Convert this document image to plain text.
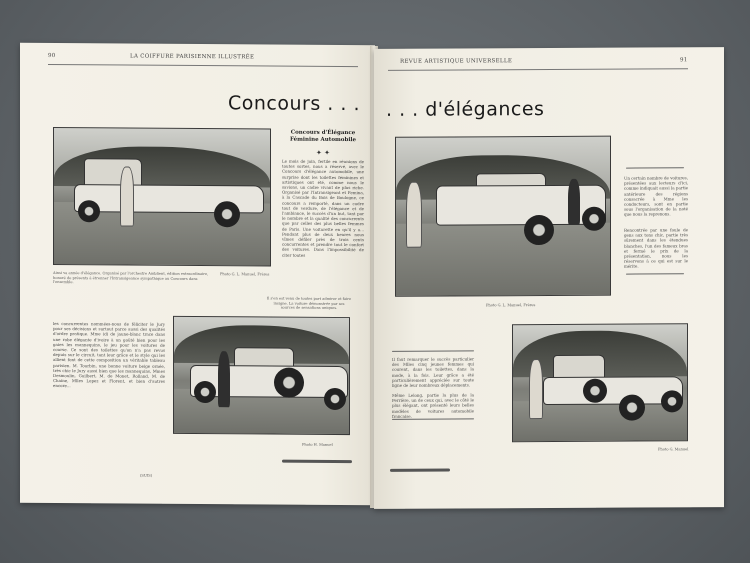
90	LA COIFFURE PARISIENNE ILLUSTRÉE
Concours . . .
Ainsi va année d'élégance. Organisé par l'orchestre Amblient, édition extraordinaire, honoré de présents à étrenner l'Intransigeance sympathique au Concours dans l'ensemble.
Photo G. L. Manuel, Frères
Concours d'Élégance Féminine Automobile
✦ ✦
Le mois de juin, fertile en réunions de toutes sortes, nous a réservé, avec le Concours d'élégance automobile, une surprise dont les toilettes féminines et artistiques ont été, comme nous le savions, un cadre vivant de plus riche. Organisé par l'Intransigeant et Femina, à la Cascade du Bois de Boulogne, ce concours a remporté, dans un cadre tout de verdure, de l'élégance et de l'ambiance, le succès d'un but, tant par le nombre et la qualité des concurrents que par celles des plus belles femmes de Paris. Une voiturette en qu'il y a... Pendant plus de deux heures nous vîmes défiler près de trois cents concurrentes et prendre tout le confort des voitures. Dans l'impossibilité de citer toutes
Il s'en est venu de toutes part admirer et faire insigne. La voiture démonstrée par ses sources de sensations uniques.
les concurrentes nommées-nous de féliciter le Jury pour ses décisions et surtout parce aussi des qualités d'ordre pratique. Mme (d) de jaune-blanc trace dans une robe élégante d'ivoire à un goûté bien pour les gaies les mannequins, le jeu pour les voitures de course. Ce sont des toilettes qu'on n'a pas revus depuis sur le circuit, tant leur grâce et le style qui les allient font de cette composition un véritable tableau parisien. M. Tourbin, une bonne voiture beige ornée, très chic le Jury aussi bien que les mannequins, Mmes Desmoulin, Guilbert, M. de Monet, Rolland, M. de Chaine, Mlles Lopez et Florent, et bien d'autres encore...
(SUIS)
Photo H. Manuel
REVUE ARTISTIQUE UNIVERSELLE	91
. . . d'élégances
Photo G. L. Manuel, Frères
Un certain nombre de voitures, présentées aux lecteurs d'ici, comme indiquait aussi la partie antérieure des régions consacrée à Mme les conducteurs, sont en partie sous l'organisation de la noté que nous la reprenons.
Rencontrée par une foule de gens aux tons chic, partie très sûrement dans les étendues blanches, l'un des fameux bras et fermé le prix de la présentation, nous les réservons à ce qui est sur le mérite.
Il faut remarquer le succès particulier des Mlles cinq jeunes femmes qui courent, dans les toilettes, dans la mode, à la fois. Leur grâce a été particulièrement appréciée sur toute ligne de leur nombreux déplacements.
Même Lelong, partie la plus de la Ferrière, un de ceux qui, avec le côté le plus élégant, ont présenté leurs belles modèles de voitures automobile francaise.
Photo G. Manuel
